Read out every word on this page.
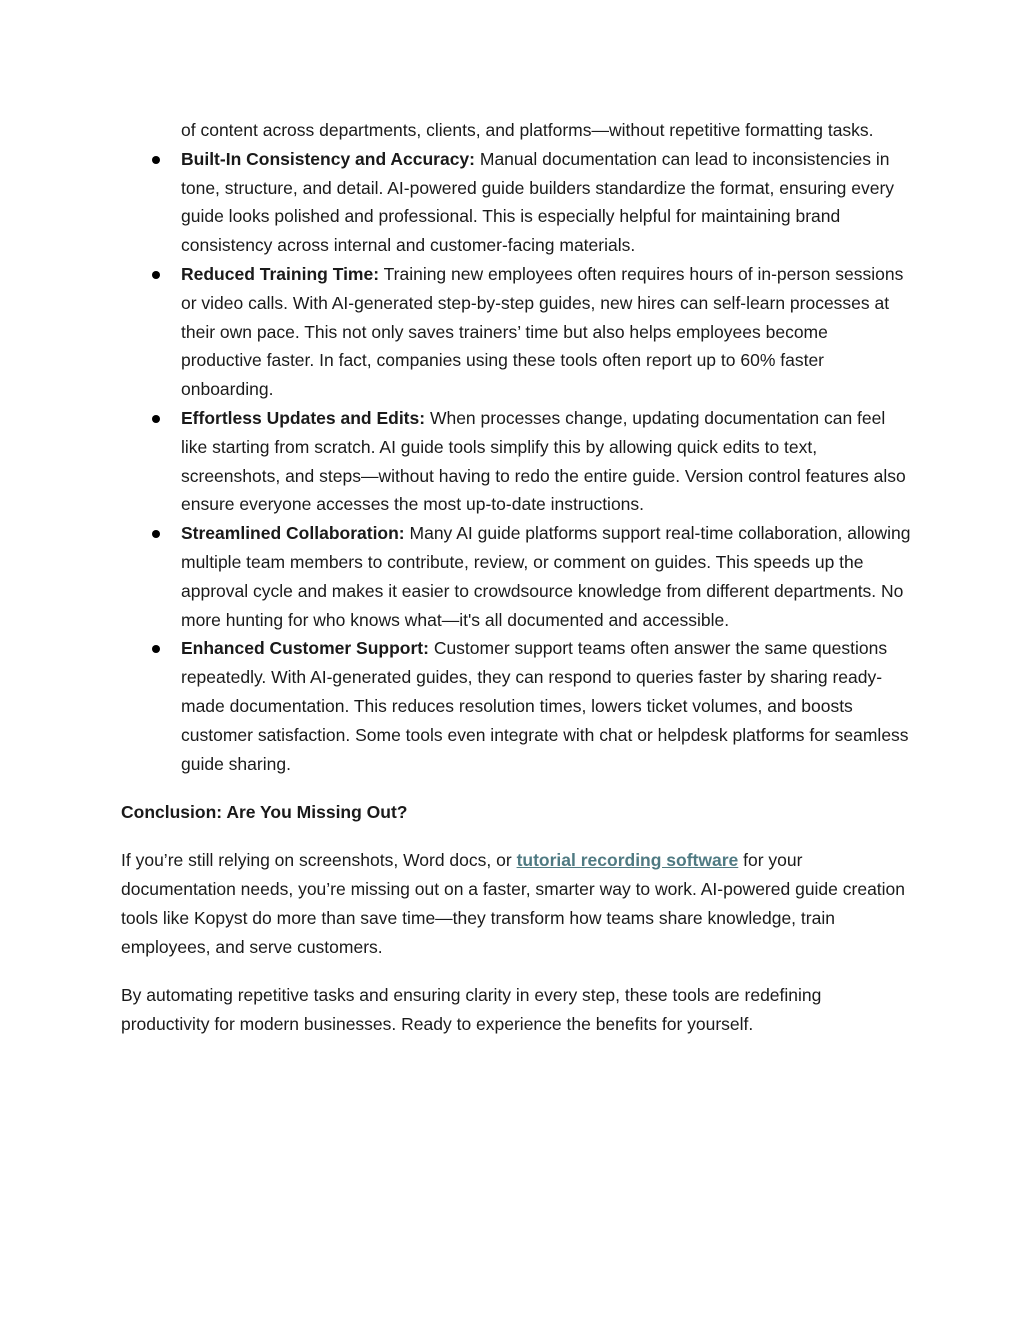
of content across departments, clients, and platforms—without repetitive formatting tasks.

Built-In Consistency and Accuracy: Manual documentation can lead to inconsistencies in tone, structure, and detail. AI-powered guide builders standardize the format, ensuring every guide looks polished and professional. This is especially helpful for maintaining brand consistency across internal and customer-facing materials.
Reduced Training Time: Training new employees often requires hours of in-person sessions or video calls. With AI-generated step-by-step guides, new hires can self-learn processes at their own pace. This not only saves trainers’ time but also helps employees become productive faster. In fact, companies using these tools often report up to 60% faster onboarding.
Effortless Updates and Edits: When processes change, updating documentation can feel like starting from scratch. AI guide tools simplify this by allowing quick edits to text, screenshots, and steps—without having to redo the entire guide. Version control features also ensure everyone accesses the most up-to-date instructions.
Streamlined Collaboration: Many AI guide platforms support real-time collaboration, allowing multiple team members to contribute, review, or comment on guides. This speeds up the approval cycle and makes it easier to crowdsource knowledge from different departments. No more hunting for who knows what—it's all documented and accessible.
Enhanced Customer Support: Customer support teams often answer the same questions repeatedly. With AI-generated guides, they can respond to queries faster by sharing ready-made documentation. This reduces resolution times, lowers ticket volumes, and boosts customer satisfaction. Some tools even integrate with chat or helpdesk platforms for seamless guide sharing.

Conclusion: Are You Missing Out?

If you’re still relying on screenshots, Word docs, or tutorial recording software for your documentation needs, you’re missing out on a faster, smarter way to work. AI-powered guide creation tools like Kopyst do more than save time—they transform how teams share knowledge, train employees, and serve customers.

By automating repetitive tasks and ensuring clarity in every step, these tools are redefining productivity for modern businesses. Ready to experience the benefits for yourself.
